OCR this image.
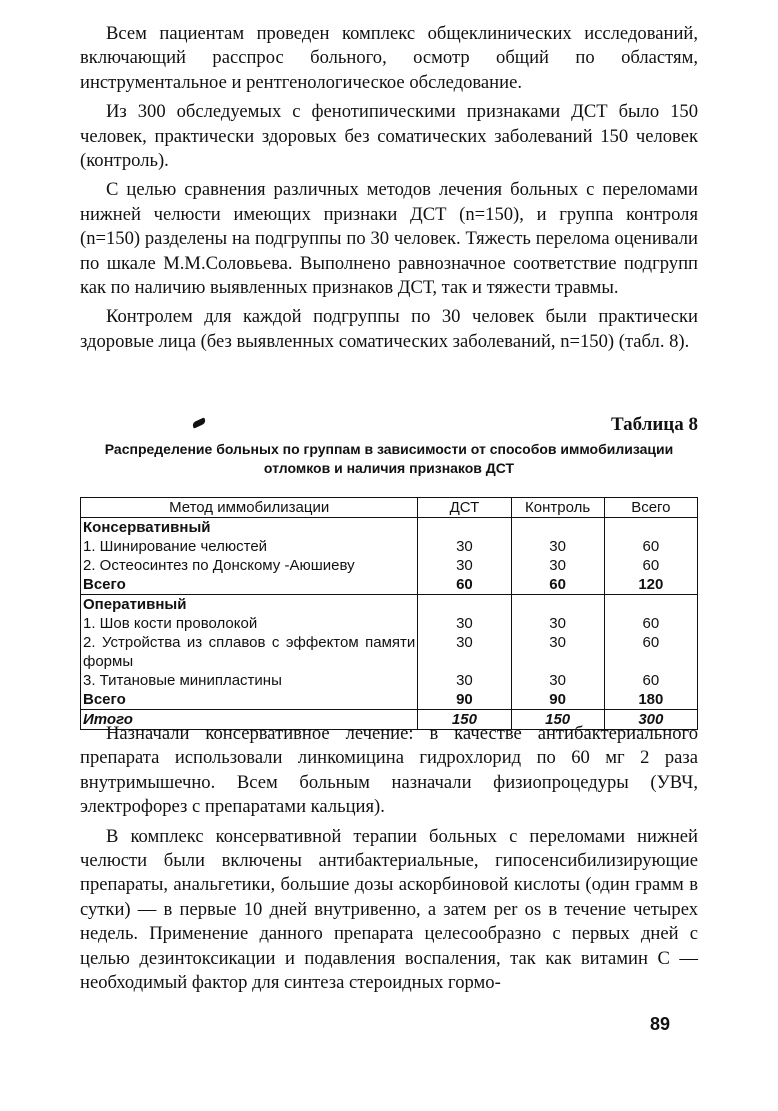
Всем пациентам проведен комплекс общеклинических исследований, включающий расспрос больного, осмотр общий по областям, инструментальное и рентгенологическое обследование.

Из 300 обследуемых с фенотипическими признаками ДСТ было 150 человек, практически здоровых без соматических заболеваний 150 человек (контроль).

С целью сравнения различных методов лечения больных с переломами нижней челюсти имеющих признаки ДСТ (n=150), и группа контроля (n=150) разделены на подгруппы по 30 человек. Тяжесть перелома оценивали по шкале М.М.Соловьева. Выполнено равнозначное соответствие подгрупп как по наличию выявленных признаков ДСТ, так и тяжести травмы.

Контролем для каждой подгруппы по 30 человек были практически здоровые лица (без выявленных соматических заболеваний, n=150) (табл. 8).

Таблица 8
Распределение больных по группам в зависимости от способов иммобилизации отломков и наличия признаков ДСТ
Метод иммобилизации	ДСТ	Контроль	Всего
Консервативный			
1. Шинирование челюстей	30	30	60
2. Остеосинтез по Донскому -Аюшиеву	30	30	60
Всего	60	60	120
Оперативный			
1. Шов кости проволокой	30	30	60
2. Устройства из сплавов с эффектом памяти формы	30	30	60
3. Титановые минипластины	30	30	60
Всего	90	90	180
Итого	150	150	300

Назначали консервативное лечение: в качестве антибактериального препарата использовали линкомицина гидрохлорид по 60 мг 2 раза внутримышечно. Всем больным назначали физиопроцедуры (УВЧ, электрофорез с препаратами кальция).

В комплекс консервативной терапии больных с переломами нижней челюсти были включены антибактериальные, гипосенсибилизирующие препараты, анальгетики, большие дозы аскорбиновой кислоты (один грамм в сутки) — в первые 10 дней внутривенно, а затем per os в течение четырех недель. Применение данного препарата целесообразно с первых дней с целью дезинтоксикации и подавления воспаления, так как витамин С — необходимый фактор для синтеза стероидных гормо-

89
